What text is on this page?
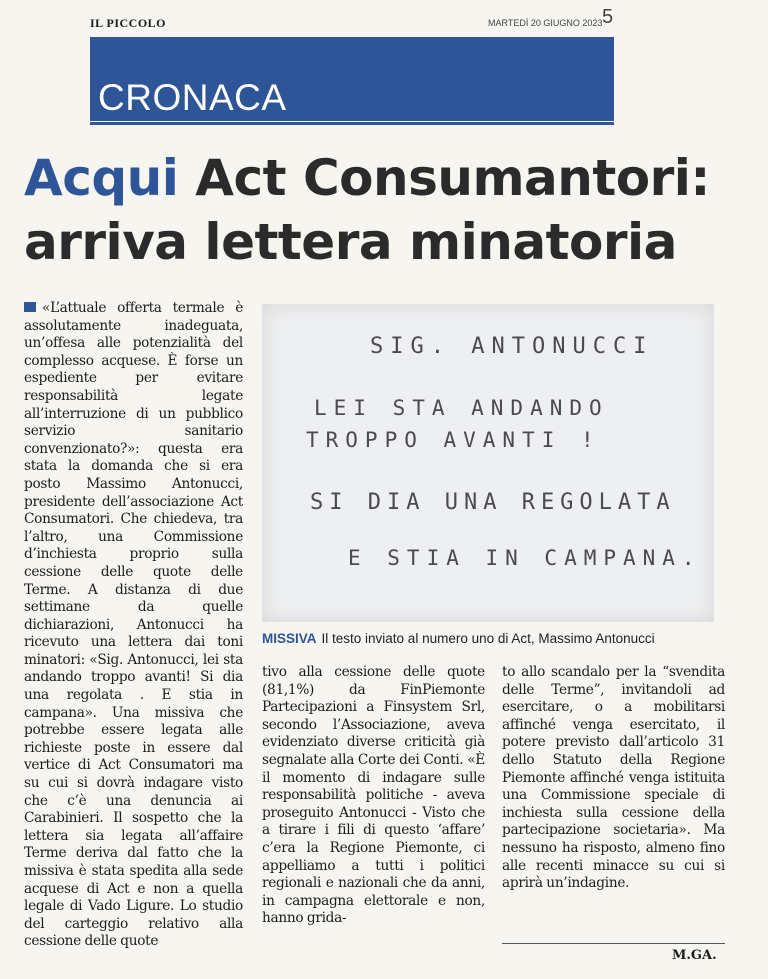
IL PICCOLO	MARTEDÌ 20 GIUGNO 2023 5
CRONACA
Acqui Act Consumantori:
arriva lettera minatoria
«L’attuale offerta termale è assolutamente inadeguata, un’offesa alle potenzialità del complesso acquese. È forse un espediente per evitare responsabilità legate all’interruzione di un pubblico servizio sanitario convenzionato?»: questa era stata la domanda che si era posto Massimo Antonucci, presidente dell’associazione Act Consumatori. Che chiedeva, tra l’altro, una Commissione d’inchiesta proprio sulla cessione delle quote delle Terme. A distanza di due settimane da quelle dichiarazioni, Antonucci ha ricevuto una lettera dai toni minatori: «Sig. Antonucci, lei sta andando troppo avanti! Si dia una regolata . E stia in campana». Una missiva che potrebbe essere legata alle richieste poste in essere dal vertice di Act Consumatori ma su cui si dovrà indagare visto che c’è una denuncia ai Carabinieri. Il sospetto che la lettera sia legata all’affaire Terme deriva dal fatto che la missiva è stata spedita alla sede acquese di Act e non a quella legale di Vado Ligure. Lo studio del carteggio relativo alla cessione delle quote
SIG. ANTONUCCI
LEI STA ANDANDO
TROPPO AVANTI !
SI DIA UNA REGOLATA
E STIA IN CAMPANA.
MISSIVA Il testo inviato al numero uno di Act, Massimo Antonucci
tivo alla cessione delle quote (81,1%) da FinPiemonte Partecipazioni a Finsystem Srl, secondo l’Associazione, aveva evidenziato diverse criticità già segnalate alla Corte dei Conti. «È il momento di indagare sulle responsabilità politiche - aveva proseguito Antonucci - Visto che a tirare i fili di questo ‘affare’ c’era la Regione Piemonte, ci appelliamo a tutti i politici regionali e nazionali che da anni, in campagna elettorale e non, hanno grida-
to allo scandalo per la “svendita delle Terme”, invitandoli ad esercitare, o a mobilitarsi affinché venga esercitato, il potere previsto dall’articolo 31 dello Statuto della Regione Piemonte affinché venga istituita una Commissione speciale di inchiesta sulla cessione della partecipazione societaria». Ma nessuno ha risposto, almeno fino alle recenti minacce su cui si aprirà un’indagine.
M.GA.
